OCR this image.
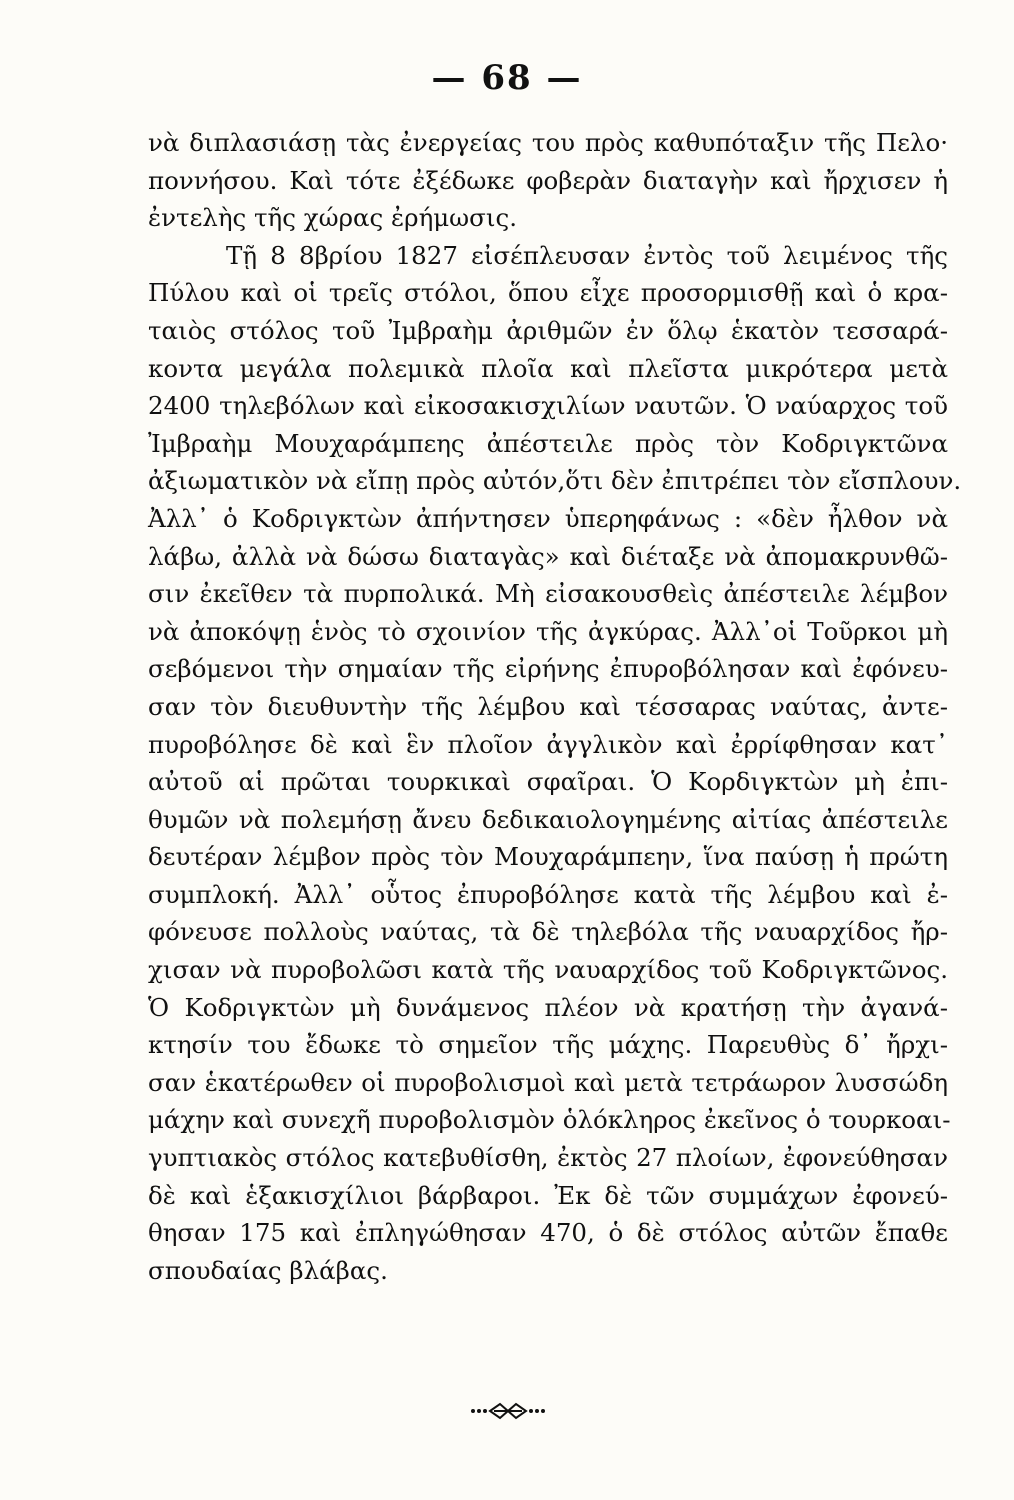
— 68 —
νὰ διπλασιάσῃ τὰς ἐνεργείας του πρὸς καθυπόταξιν τῆς Πελο·
ποννήσου. Καὶ τότε ἐξέδωκε φοβερὰν διαταγὴν καὶ ἤρχισεν ἡ
ἐντελὴς τῆς χώρας ἐρήμωσις.
Τῇ 8 8βρίου 1827 εἰσέπλευσαν ἐντὸς τοῦ λειμένος τῆς
Πύλου καὶ οἱ τρεῖς στόλοι, ὅπου εἶχε προσορμισθῇ καὶ ὁ κρα-
ταιὸς στόλος τοῦ Ἰμβραὴμ ἀριθμῶν ἐν ὅλῳ ἑκατὸν τεσσαρά-
κοντα μεγάλα πολεμικὰ πλοῖα καὶ πλεῖστα μικρότερα μετὰ
2400 τηλεβόλων καὶ εἰκοσακισχιλίων ναυτῶν. Ὁ ναύαρχος τοῦ
Ἰμβραὴμ Μουχαράμπεης ἀπέστειλε πρὸς τὸν Κοδριγκτῶνα
ἀξιωματικὸν νὰ εἴπῃ πρὸς αὐτόν,ὅτι δὲν ἐπιτρέπει τὸν εἴσπλουν.
Ἀλλ᾽ ὁ Κοδριγκτὼν ἀπήντησεν ὑπερηφάνως : «δὲν ἦλθον νὰ
λάβω, ἀλλὰ νὰ δώσω διαταγὰς» καὶ διέταξε νὰ ἀπομακρυνθῶ-
σιν ἐκεῖθεν τὰ πυρπολικά. Μὴ εἰσακουσθεὶς ἀπέστειλε λέμβον
νὰ ἀποκόψῃ ἑνὸς τὸ σχοινίον τῆς ἀγκύρας. Ἀλλ᾽οἱ Τοῦρκοι μὴ
σεβόμενοι τὴν σημαίαν τῆς εἰρήνης ἐπυροβόλησαν καὶ ἐφόνευ-
σαν τὸν διευθυντὴν τῆς λέμβου καὶ τέσσαρας ναύτας, ἀντε-
πυροβόλησε δὲ καὶ ἓν πλοῖον ἀγγλικὸν καὶ ἐρρίφθησαν κατ᾽
αὐτοῦ αἱ πρῶται τουρκικαὶ σφαῖραι. Ὁ Κορδιγκτὼν μὴ ἐπι-
θυμῶν νὰ πολεμήσῃ ἄνευ δεδικαιολογημένης αἰτίας ἀπέστειλε
δευτέραν λέμβον πρὸς τὸν Μουχαράμπεην, ἵνα παύσῃ ἡ πρώτη
συμπλοκή. Ἀλλ᾽ οὗτος ἐπυροβόλησε κατὰ τῆς λέμβου καὶ ἐ-
φόνευσε πολλοὺς ναύτας, τὰ δὲ τηλεβόλα τῆς ναυαρχίδος ἤρ-
χισαν νὰ πυροβολῶσι κατὰ τῆς ναυαρχίδος τοῦ Κοδριγκτῶνος.
Ὁ Κοδριγκτὼν μὴ δυνάμενος πλέον νὰ κρατήσῃ τὴν ἀγανά-
κτησίν του ἔδωκε τὸ σημεῖον τῆς μάχης. Παρευθὺς δ᾽ ἤρχι-
σαν ἑκατέρωθεν οἱ πυροβολισμοὶ καὶ μετὰ τετράωρον λυσσώδη
μάχην καὶ συνεχῆ πυροβολισμὸν ὁλόκληρος ἐκεῖνος ὁ τουρκοαι-
γυπτιακὸς στόλος κατεβυθίσθη, ἐκτὸς 27 πλοίων, ἐφονεύθησαν
δὲ καὶ ἑξακισχίλιοι βάρβαροι. Ἐκ δὲ τῶν συμμάχων ἐφονεύ-
θησαν 175 καὶ ἐπληγώθησαν 470, ὁ δὲ στόλος αὐτῶν ἔπαθε
σπουδαίας βλάβας.
